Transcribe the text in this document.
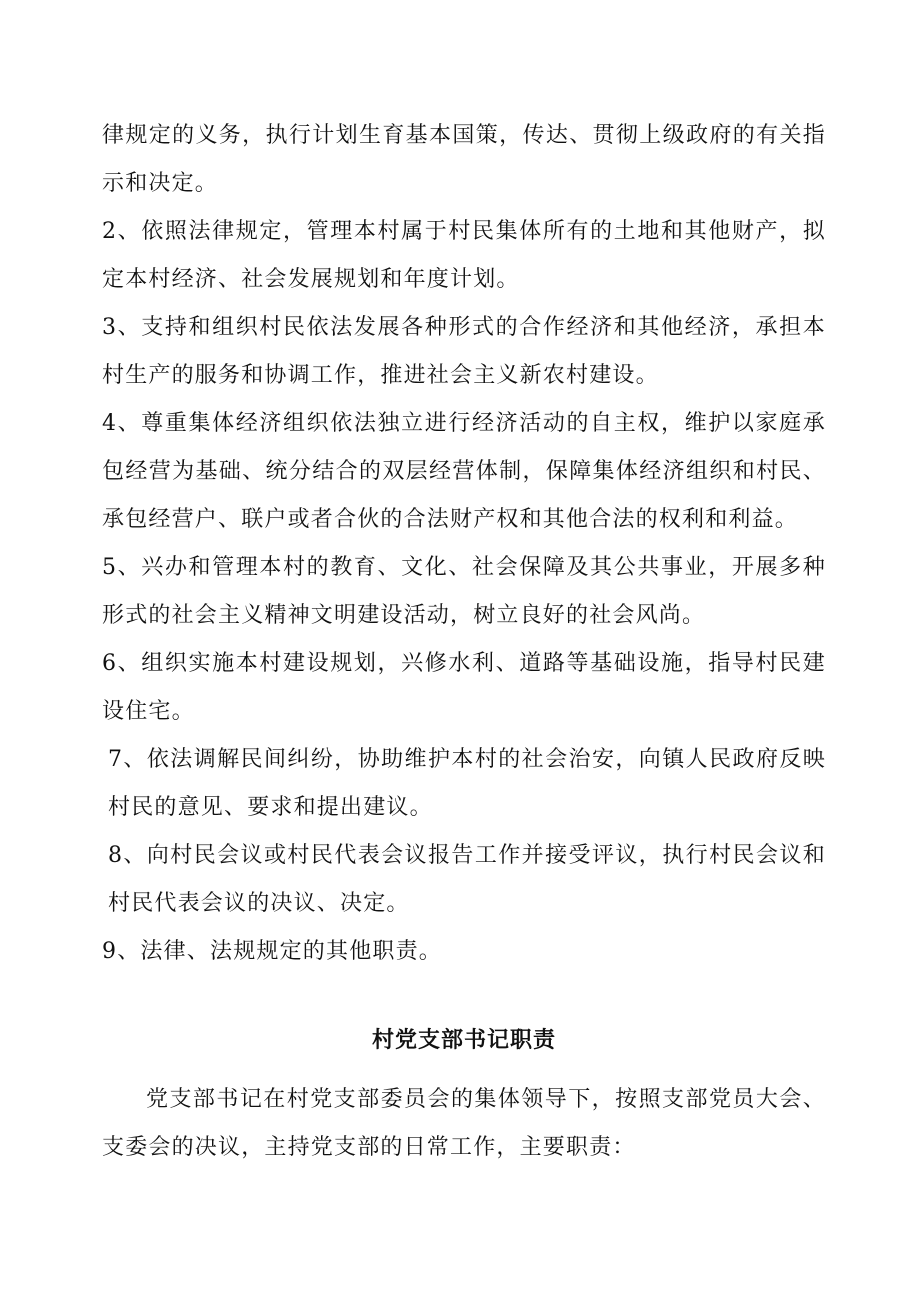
律规定的义务，执行计划生育基本国策，传达、贯彻上级政府的有关指示和决定。

2、依照法律规定，管理本村属于村民集体所有的土地和其他财产，拟定本村经济、社会发展规划和年度计划。

3、支持和组织村民依法发展各种形式的合作经济和其他经济，承担本村生产的服务和协调工作，推进社会主义新农村建设。

4、尊重集体经济组织依法独立进行经济活动的自主权，维护以家庭承包经营为基础、统分结合的双层经营体制，保障集体经济组织和村民、承包经营户、联户或者合伙的合法财产权和其他合法的权利和利益。

5、兴办和管理本村的教育、文化、社会保障及其公共事业，开展多种形式的社会主义精神文明建设活动，树立良好的社会风尚。

6、组织实施本村建设规划，兴修水利、道路等基础设施，指导村民建设住宅。

7、依法调解民间纠纷，协助维护本村的社会治安，向镇人民政府反映村民的意见、要求和提出建议。

8、向村民会议或村民代表会议报告工作并接受评议，执行村民会议和村民代表会议的决议、决定。

9、法律、法规规定的其他职责。

村党支部书记职责

党支部书记在村党支部委员会的集体领导下，按照支部党员大会、支委会的决议，主持党支部的日常工作，主要职责：
